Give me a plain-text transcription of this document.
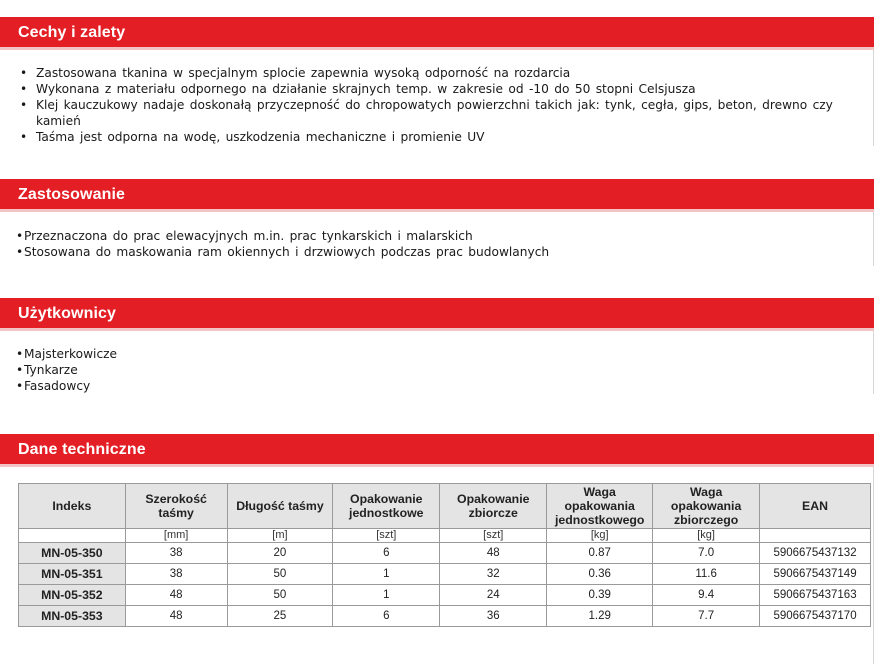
Cechy i zalety
• Zastosowana tkanina w specjalnym splocie zapewnia wysoką odporność na rozdarcia
• Wykonana z materiału odpornego na działanie skrajnych temp. w zakresie od -10 do 50 stopni Celsjusza
• Klej kauczukowy nadaje doskonałą przyczepność do chropowatych powierzchni takich jak: tynk, cegła, gips, beton, drewno czy kamień
• Taśma jest odporna na wodę, uszkodzenia mechaniczne i promienie UV
Zastosowanie
• Przeznaczona do prac elewacyjnych m.in. prac tynkarskich i malarskich
• Stosowana do maskowania ram okiennych i drzwiowych podczas prac budowlanych
Użytkownicy
• Majsterkowicze
• Tynkarze
• Fasadowcy
Dane techniczne
Indeks	Szerokość taśmy	Długość taśmy	Opakowanie jednostkowe	Opakowanie zbiorcze	Waga opakowania jednostkowego	Waga opakowania zbiorczego	EAN
	[mm]	[m]	[szt]	[szt]	[kg]	[kg]	
MN-05-350	38	20	6	48	0.87	7.0	5906675437132
MN-05-351	38	50	1	32	0.36	11.6	5906675437149
MN-05-352	48	50	1	24	0.39	9.4	5906675437163
MN-05-353	48	25	6	36	1.29	7.7	5906675437170
